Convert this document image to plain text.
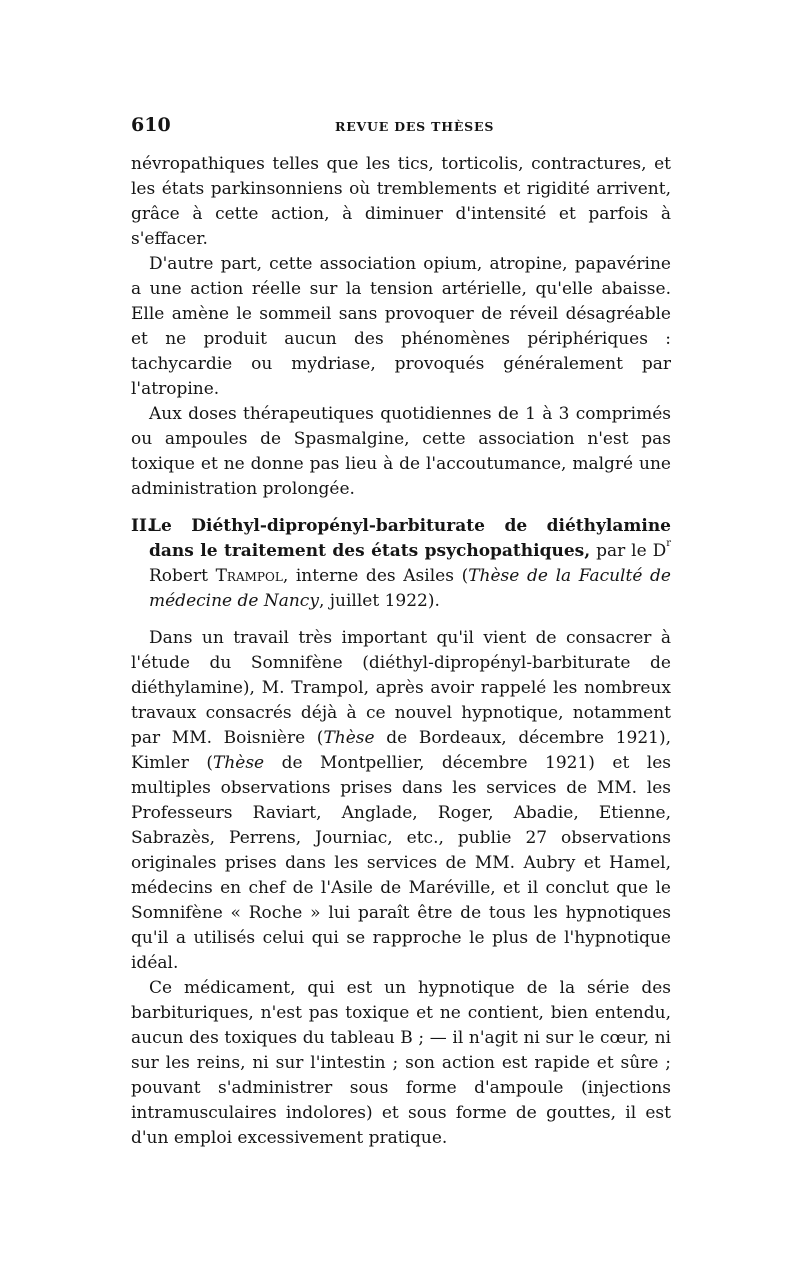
610	REVUE DES THÈSES

névropathiques telles que les tics, torticolis, contractures, et les états parkinsonniens où tremblements et rigidité arrivent, grâce à cette action, à diminuer d'intensité et parfois à s'effacer.

D'autre part, cette association opium, atropine, papavérine a une action réelle sur la tension artérielle, qu'elle abaisse. Elle amène le sommeil sans provoquer de réveil désagréable et ne produit aucun des phénomènes périphériques : tachycardie ou mydriase, provoqués généralement par l'atropine.

Aux doses thérapeutiques quotidiennes de 1 à 3 comprimés ou ampoules de Spasmalgine, cette association n'est pas toxique et ne donne pas lieu à de l'accoutumance, malgré une administration prolongée.

II.
Le Diéthyl-dipropényl-barbiturate de diéthylamine dans le traitement des états psychopathiques, par le $D^r$ Robert Trampol, interne des Asiles (Thèse de la Faculté de médecine de Nancy, juillet 1922).

Dans un travail très important qu'il vient de consacrer à l'étude du Somnifène (diéthyl-dipropényl-barbiturate de diéthylamine), M. Trampol, après avoir rappelé les nombreux travaux consacrés déjà à ce nouvel hypnotique, notamment par MM. Boisnière (Thèse de Bordeaux, décembre 1921), Kimler (Thèse de Montpellier, décembre 1921) et les multiples observations prises dans les services de MM. les Professeurs Raviart, Anglade, Roger, Abadie, Etienne, Sabrazès, Perrens, Journiac, etc., publie 27 observations originales prises dans les services de MM. Aubry et Hamel, médecins en chef de l'Asile de Maréville, et il conclut que le Somnifène « Roche » lui paraît être de tous les hypnotiques qu'il a utilisés celui qui se rapproche le plus de l'hypnotique idéal.

Ce médicament, qui est un hypnotique de la série des barbituriques, n'est pas toxique et ne contient, bien entendu, aucun des toxiques du tableau B ; — il n'agit ni sur le cœur, ni sur les reins, ni sur l'intestin ; son action est rapide et sûre ; pouvant s'administrer sous forme d'ampoule (injections intramusculaires indolores) et sous forme de gouttes, il est d'un emploi excessivement pratique.
